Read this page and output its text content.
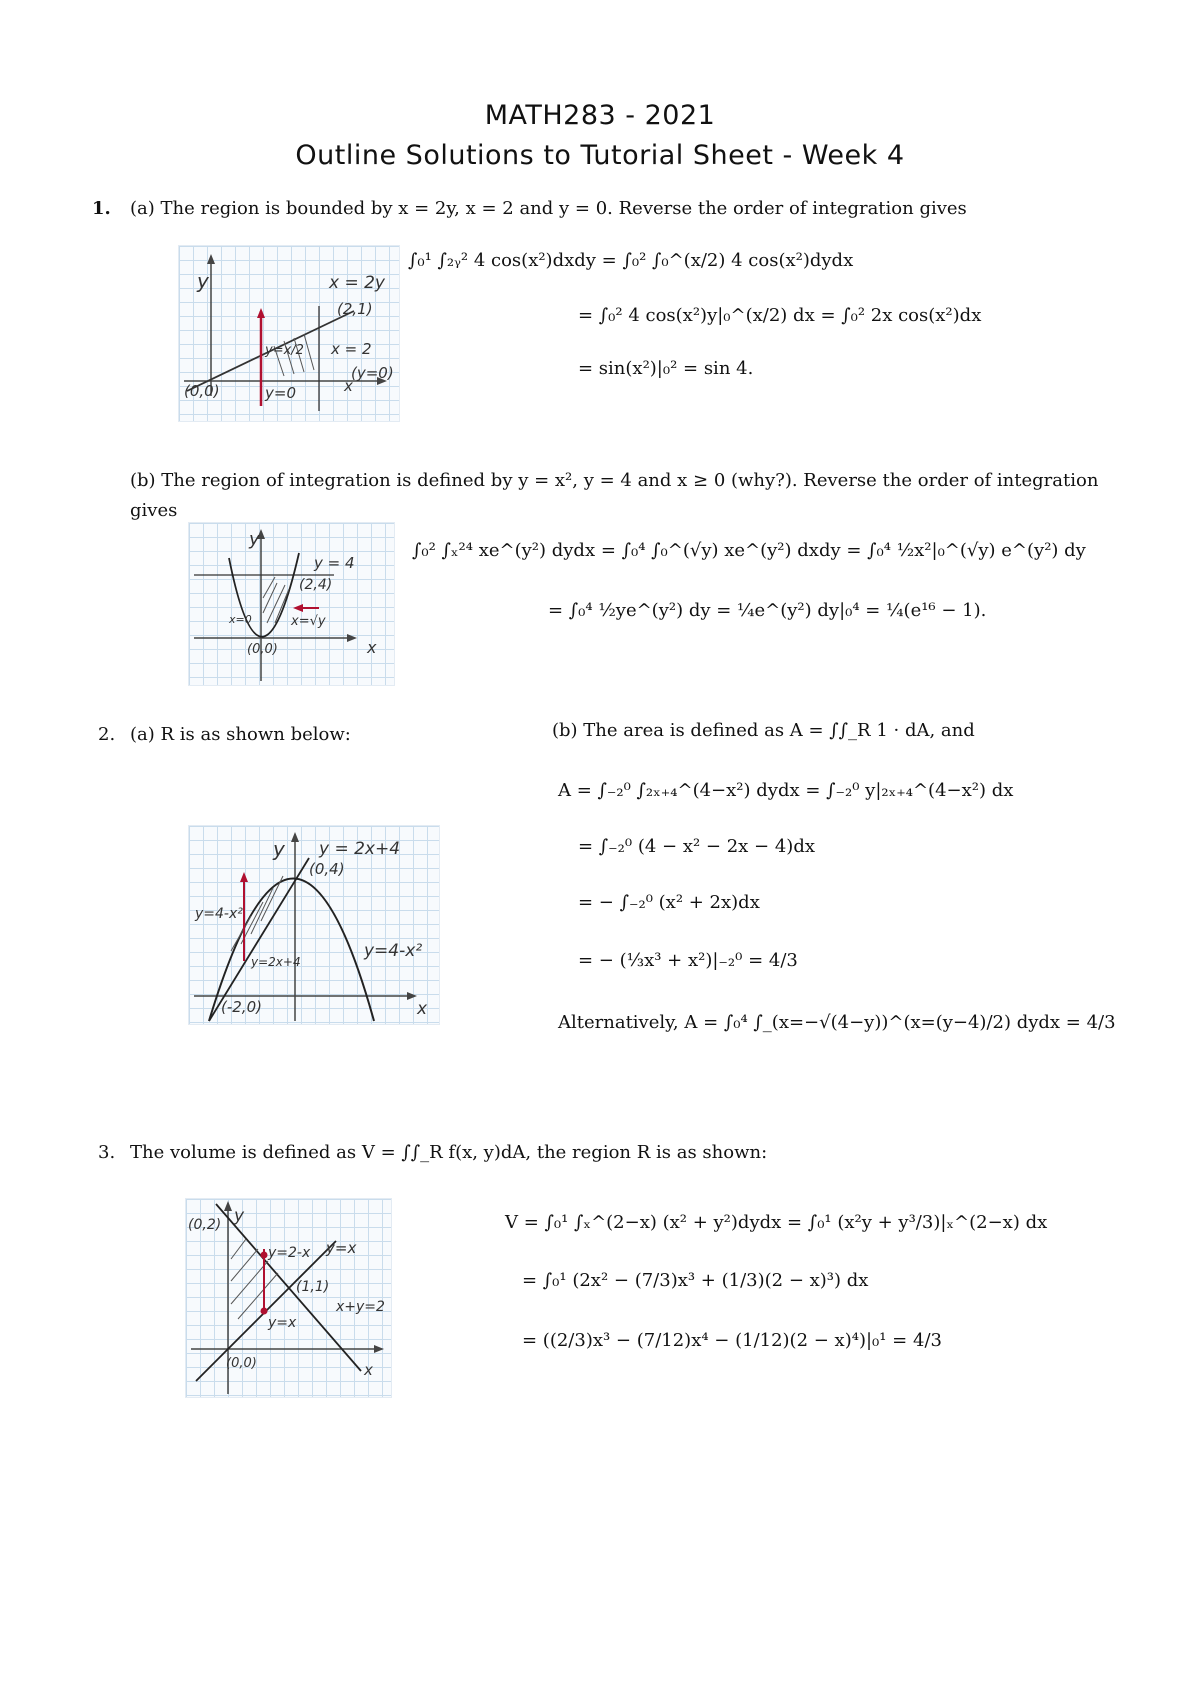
MATH283 - 2021
Outline Solutions to Tutorial Sheet - Week 4
1. (a) The region is bounded by x = 2y, x = 2 and y = 0. Reverse the order of integration gives
y	x = 2y
(2,1)
y=x/2 x = 2
(y=0)
x
(0,0)	y=0
∫₀¹ ∫₂ᵧ² 4 cos(x²)dxdy = ∫₀² ∫₀^(x/2) 4 cos(x²)dydx
= ∫₀² 4 cos(x²)y|₀^(x/2) dx = ∫₀² 2x cos(x²)dx
= sin(x²)|₀² = sin 4.
(b) The region of integration is defined by y = x², y = 4 and x ≥ 0 (why?). Reverse the order of integration
gives
y
y = 4
(2,4)
x=√y
x
(0,0)
x=0
∫₀² ∫ₓ²⁴ xe^(y²) dydx = ∫₀⁴ ∫₀^(√y) xe^(y²) dxdy = ∫₀⁴ ½x²|₀^(√y) e^(y²) dy
= ∫₀⁴ ½ye^(y²) dy = ¼e^(y²) dy|₀⁴ = ¼(e¹⁶ − 1).
2. (a) R is as shown below:	(b) The area is defined as A = ∫∫_R 1 · dA, and
y y = 2x+4
(0,4)
y=4-x²
y=2x+4
y=4-x²
(-2,0)	x
A = ∫₋₂⁰ ∫₂ₓ₊₄^(4−x²) dydx = ∫₋₂⁰ y|₂ₓ₊₄^(4−x²) dx
= ∫₋₂⁰ (4 − x² − 2x − 4)dx
= − ∫₋₂⁰ (x² + 2x)dx
= − (⅓x³ + x²)|₋₂⁰ = 4/3
Alternatively, A = ∫₀⁴ ∫_(x=−√(4−y))^(x=(y−4)/2) dydx = 4/3
3. The volume is defined as V = ∫∫_R f(x, y)dA, the region R is as shown:
(0,2) y
y=2-x y=x
(1,1)
x+y=2
y=x
(0,0)	x
V = ∫₀¹ ∫ₓ^(2−x) (x² + y²)dydx = ∫₀¹ (x²y + y³/3)|ₓ^(2−x) dx
= ∫₀¹ (2x² − (7/3)x³ + (1/3)(2 − x)³) dx
= ((2/3)x³ − (7/12)x⁴ − (1/12)(2 − x)⁴)|₀¹ = 4/3
